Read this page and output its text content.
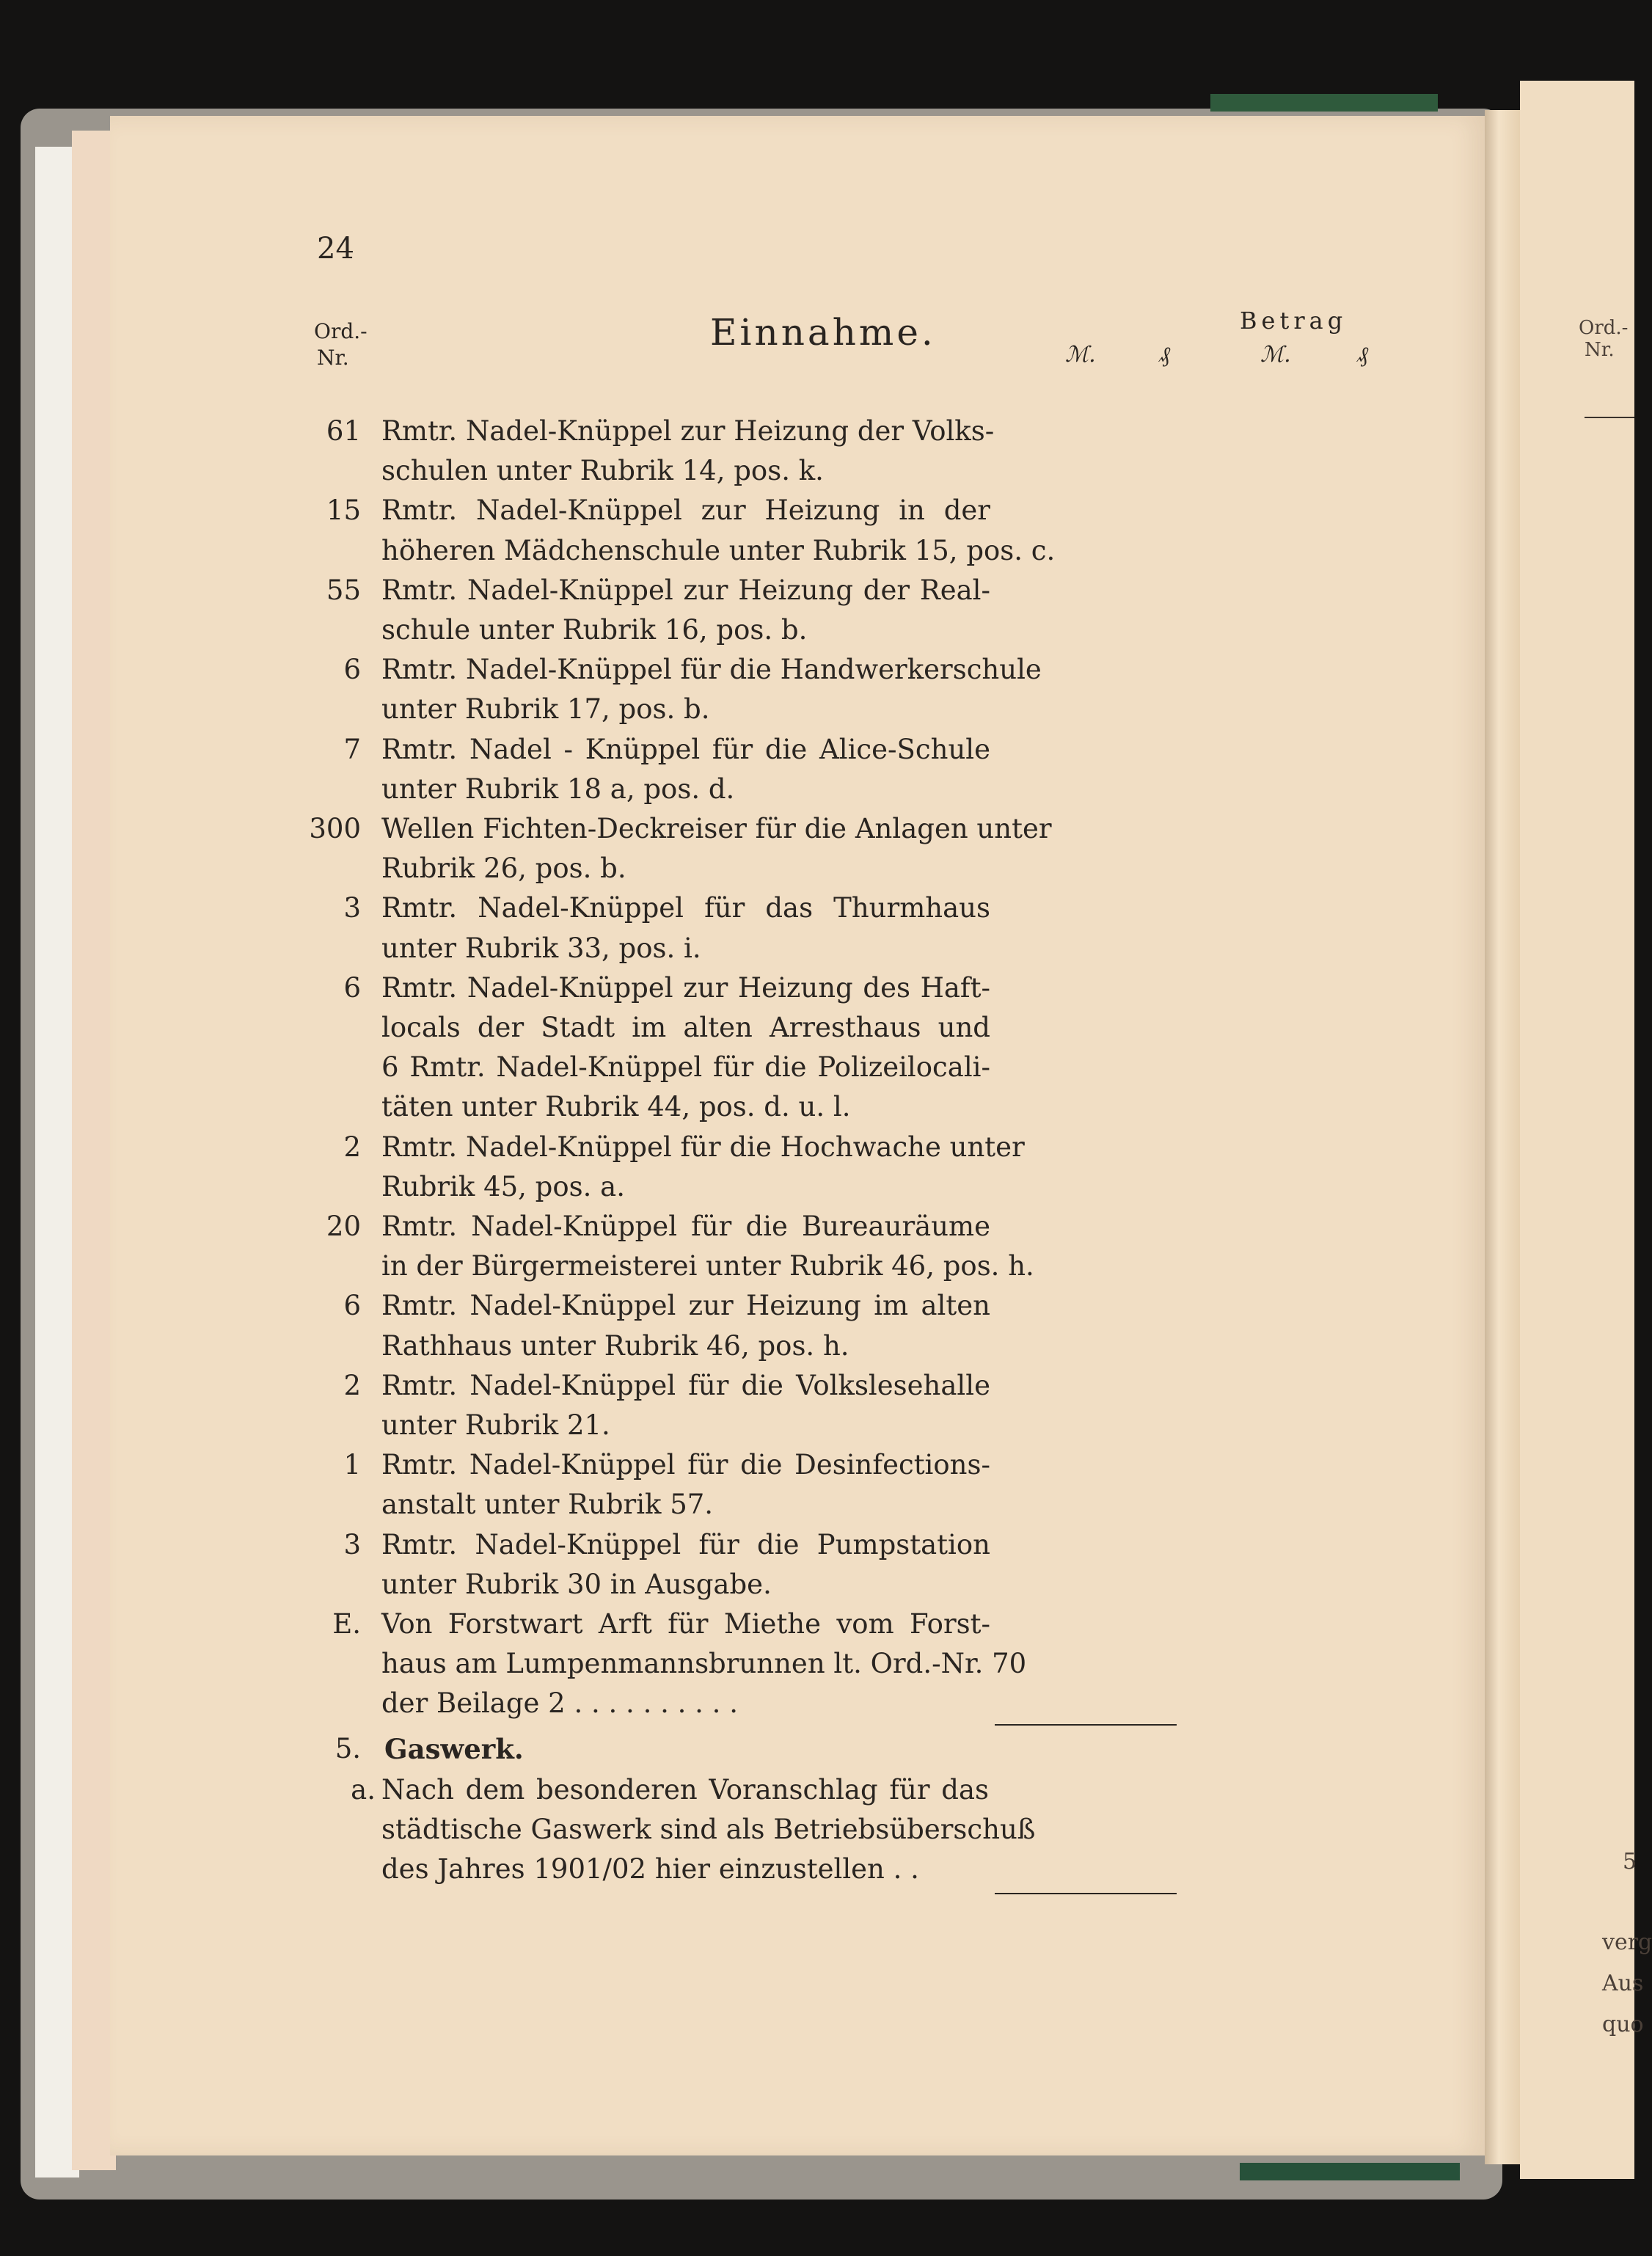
Ord.-
Nr.
5
verg
Aus
quo
24
Ord.-
Nr.
Einnahme.	Betrag
ℳ.	₰	ℳ.	₰
61 Rmtr. Nadel-Knüppel zur Heizung der Volks-
schulen unter Rubrik 14, pos. k.
15 Rmtr. Nadel-Knüppel zur Heizung in der
höheren Mädchenschule unter Rubrik 15, pos. c.
55 Rmtr. Nadel-Knüppel zur Heizung der Real-
schule unter Rubrik 16, pos. b.
6 Rmtr. Nadel-Knüppel für die Handwerkerschule
unter Rubrik 17, pos. b.
7 Rmtr. Nadel - Knüppel für die Alice-Schule
unter Rubrik 18 a, pos. d.
300 Wellen Fichten-Deckreiser für die Anlagen unter
Rubrik 26, pos. b.
3 Rmtr. Nadel-Knüppel für das Thurmhaus
unter Rubrik 33, pos. i.
6 Rmtr. Nadel-Knüppel zur Heizung des Haft-
locals der Stadt im alten Arresthaus und
6 Rmtr. Nadel-Knüppel für die Polizeilocali-
täten unter Rubrik 44, pos. d. u. l.
2 Rmtr. Nadel-Knüppel für die Hochwache unter
Rubrik 45, pos. a.
20 Rmtr. Nadel-Knüppel für die Bureauräume
in der Bürgermeisterei unter Rubrik 46, pos. h.
6 Rmtr. Nadel-Knüppel zur Heizung im alten
Rathhaus unter Rubrik 46, pos. h.
2 Rmtr. Nadel-Knüppel für die Volkslesehalle
unter Rubrik 21.
1 Rmtr. Nadel-Knüppel für die Desinfections-
anstalt unter Rubrik 57.
3 Rmtr. Nadel-Knüppel für die Pumpstation
unter Rubrik 30 in Ausgabe.
E. Von Forstwart Arft für Miethe vom Forst-
haus am Lumpenmannsbrunnen lt. Ord.-Nr. 70
der Beilage 2 . . . . . . . . . .
5. Gaswerk.
a. Nach dem besonderen Voranschlag für das
städtische Gaswerk sind als Betriebsüberschuß
des Jahres 1901/02 hier einzustellen . .
